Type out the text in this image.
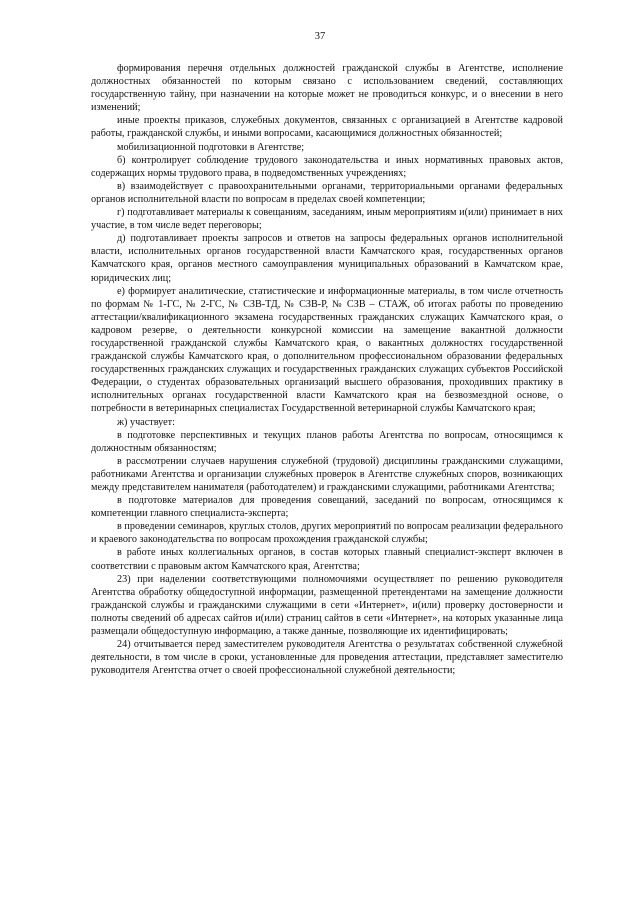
37

формирования перечня отдельных должностей гражданской службы в Агентстве, исполнение должностных обязанностей по которым связано с использованием сведений, составляющих государственную тайну, при назначении на которые может не проводиться конкурс, и о внесении в него изменений;

иные проекты приказов, служебных документов, связанных с организацией в Агентстве кадровой работы, гражданской службы, и иными вопросами, касающимися должностных обязанностей;

мобилизационной подготовки в Агентстве;

б) контролирует соблюдение трудового законодательства и иных нормативных правовых актов, содержащих нормы трудового права, в подведомственных учреждениях;

в) взаимодействует с правоохранительными органами, территориальными органами федеральных органов исполнительной власти по вопросам в пределах своей компетенции;

г) подготавливает материалы к совещаниям, заседаниям, иным мероприятиям и(или) принимает в них участие, в том числе ведет переговоры;

д) подготавливает проекты запросов и ответов на запросы федеральных органов исполнительной власти, исполнительных органов государственной власти Камчатского края, государственных органов Камчатского края, органов местного самоуправления муниципальных образований в Камчатском крае, юридических лиц;

е) формирует аналитические, статистические и информационные материалы, в том числе отчетность по формам № 1-ГС, № 2-ГС, № СЗВ-ТД, № СЗВ-Р, № СЗВ – СТАЖ, об итогах работы по проведению аттестации/квалификационного экзамена государственных гражданских служащих Камчатского края, о кадровом резерве, о деятельности конкурсной комиссии на замещение вакантной должности государственной гражданской службы Камчатского края, о вакантных должностях государственной гражданской службы Камчатского края, о дополнительном профессиональном образовании федеральных государственных гражданских служащих и государственных гражданских служащих субъектов Российской Федерации, о студентах образовательных организаций высшего образования, проходивших практику в исполнительных органах государственной власти Камчатского края на безвозмездной основе, о потребности в ветеринарных специалистах Государственной ветеринарной службы Камчатского края;

ж) участвует:

в подготовке перспективных и текущих планов работы Агентства по вопросам, относящимся к должностным обязанностям;

в рассмотрении случаев нарушения служебной (трудовой) дисциплины гражданскими служащими, работниками Агентства и организации служебных проверок в Агентстве служебных споров, возникающих между представителем нанимателя (работодателем) и гражданскими служащими, работниками Агентства;

в подготовке материалов для проведения совещаний, заседаний по вопросам, относящимся к компетенции главного специалиста-эксперта;

в проведении семинаров, круглых столов, других мероприятий по вопросам реализации федерального и краевого законодательства по вопросам прохождения гражданской службы;

в работе иных коллегиальных органов, в состав которых главный специалист-эксперт включен в соответствии с правовым актом Камчатского края, Агентства;

23) при наделении соответствующими полномочиями осуществляет по решению руководителя Агентства обработку общедоступной информации, размещенной претендентами на замещение должности гражданской службы и гражданскими служащими в сети «Интернет», и(или) проверку достоверности и полноты сведений об адресах сайтов и(или) страниц сайтов в сети «Интернет», на которых указанные лица размещали общедоступную информацию, а также данные, позволяющие их идентифицировать;

24) отчитывается перед заместителем руководителя Агентства о результатах собственной служебной деятельности, в том числе в сроки, установленные для проведения аттестации, представляет заместителю руководителя Агентства отчет о своей профессиональной служебной деятельности;
